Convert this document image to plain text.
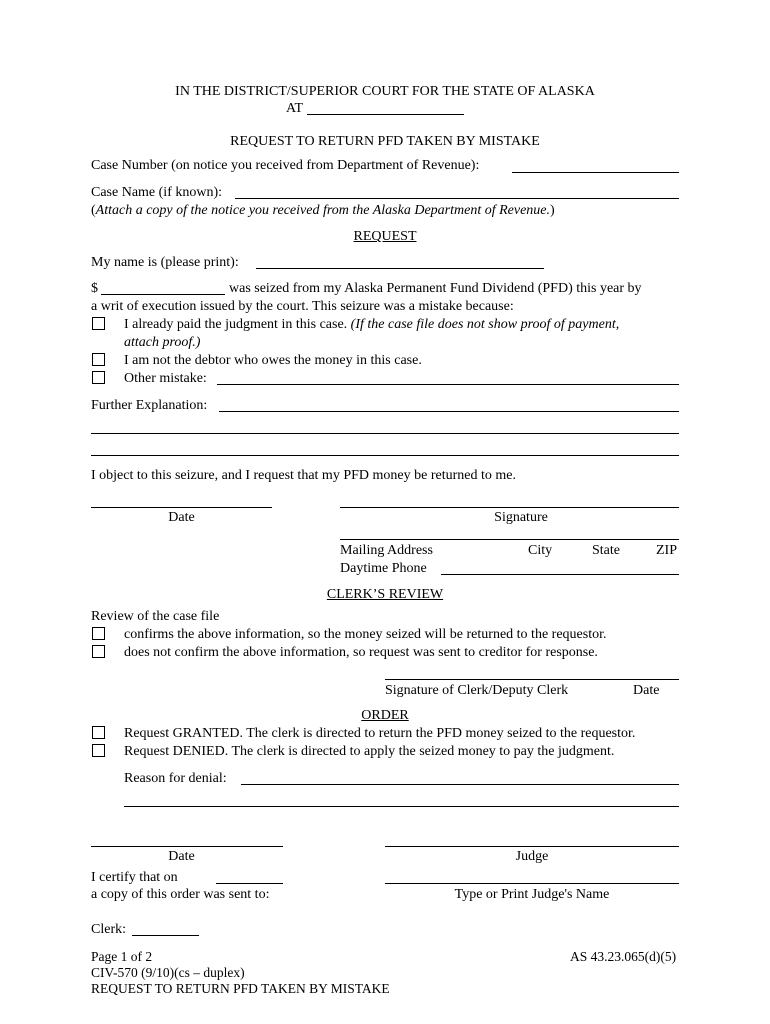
IN THE DISTRICT/SUPERIOR COURT FOR THE STATE OF ALASKA
AT
REQUEST TO RETURN PFD TAKEN BY MISTAKE
Case Number (on notice you received from Department of Revenue):
Case Name (if known):
(Attach a copy of the notice you received from the Alaska Department of Revenue.)
REQUEST
My name is (please print):
$	was seized from my Alaska Permanent Fund Dividend (PFD) this year by
a writ of execution issued by the court. This seizure was a mistake because:
I already paid the judgment in this case. (If the case file does not show proof of payment,
attach proof.)
I am not the debtor who owes the money in this case.
Other mistake:
Further Explanation:
I object to this seizure, and I request that my PFD money be returned to me.
Date	Signature
Mailing Address	City	State	ZIP
Daytime Phone
CLERK’S REVIEW
Review of the case file
confirms the above information, so the money seized will be returned to the requestor.
does not confirm the above information, so request was sent to creditor for response.
Signature of Clerk/Deputy Clerk	Date
ORDER
Request GRANTED. The clerk is directed to return the PFD money seized to the requestor.
Request DENIED. The clerk is directed to apply the seized money to pay the judgment.
Reason for denial:
Date	Judge
I certify that on
a copy of this order was sent to:	Type or Print Judge's Name
Clerk:
Page 1 of 2	AS 43.23.065(d)(5)
CIV-570 (9/10)(cs – duplex)
REQUEST TO RETURN PFD TAKEN BY MISTAKE
